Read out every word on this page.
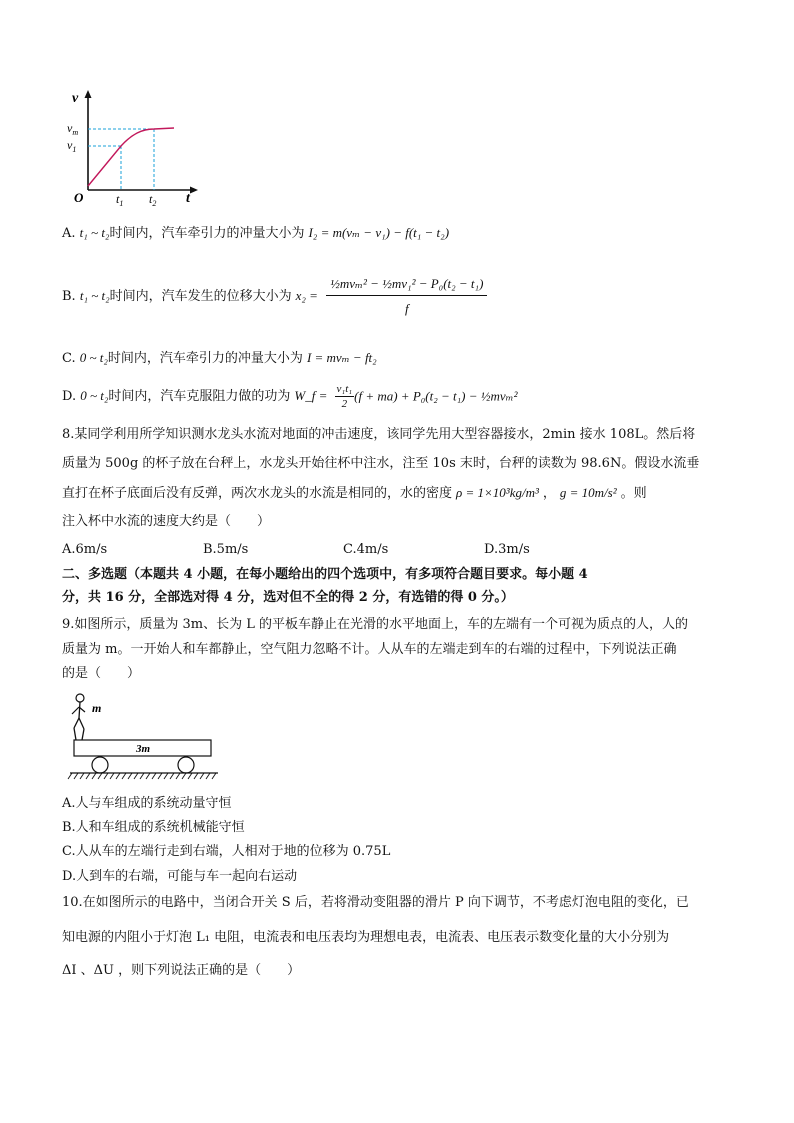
v
$v_m$
$v_1$
O	$t_1$ $t_2$ t
A. t₁ ~ t₂时间内，汽车牵引力的冲量大小为 I₂ = m(vₘ − v₁) − f(t₁ − t₂)
B. t₁ ~ t₂时间内，汽车发生的位移大小为 $x_2 = \frac{\text{½mvₘ² − ½mv₁² − P₀(t₂ − t₁)}}{f}$
C. 0 ~ t₂时间内，汽车牵引力的冲量大小为 I = mvₘ − ft₂
D. 0 ~ t₂时间内，汽车克服阻力做的功为 W_f = $\frac{\text{v₁t₁}}{2} (f + ma) + P_0(t_2 - t_1)$ − ½mvₘ²
8.某同学利用所学知识测水龙头水流对地面的冲击速度，该同学先用大型容器接水，2min 接水 108L。然后将
质量为 500g 的杯子放在台秤上，水龙头开始往杯中注水，注至 10s 末时，台秤的读数为 98.6N。假设水流垂
直打在杯子底面后没有反弹，两次水龙头的水流是相同的，水的密度 ρ = 1×10³kg/m³ ， g = 10m/s² 。则
注入杯中水流的速度大约是（　　）
A.6m/s	B.5m/s	C.4m/s	D.3m/s
二、多选题（本题共 4 小题，在每小题给出的四个选项中，有多项符合题目要求。每小题 4
分，共 16 分，全部选对得 4 分，选对但不全的得 2 分，有选错的得 0 分。）
9.如图所示，质量为 3m、长为 L 的平板车静止在光滑的水平地面上，车的左端有一个可视为质点的人，人的
质量为 m。一开始人和车都静止，空气阻力忽略不计。人从车的左端走到车的右端的过程中，下列说法正确
的是（　　）
m
3m
A.人与车组成的系统动量守恒
B.人和车组成的系统机械能守恒
C.人从车的左端行走到右端，人相对于地的位移为 0.75L
D.人到车的右端，可能与车一起向右运动
10.在如图所示的电路中，当闭合开关 S 后，若将滑动变阻器的滑片 P 向下调节，不考虑灯泡电阻的变化，已
知电源的内阻小于灯泡 L₁ 电阻，电流表和电压表均为理想电表，电流表、电压表示数变化量的大小分别为
ΔI 、ΔU ，则下列说法正确的是（　　）
